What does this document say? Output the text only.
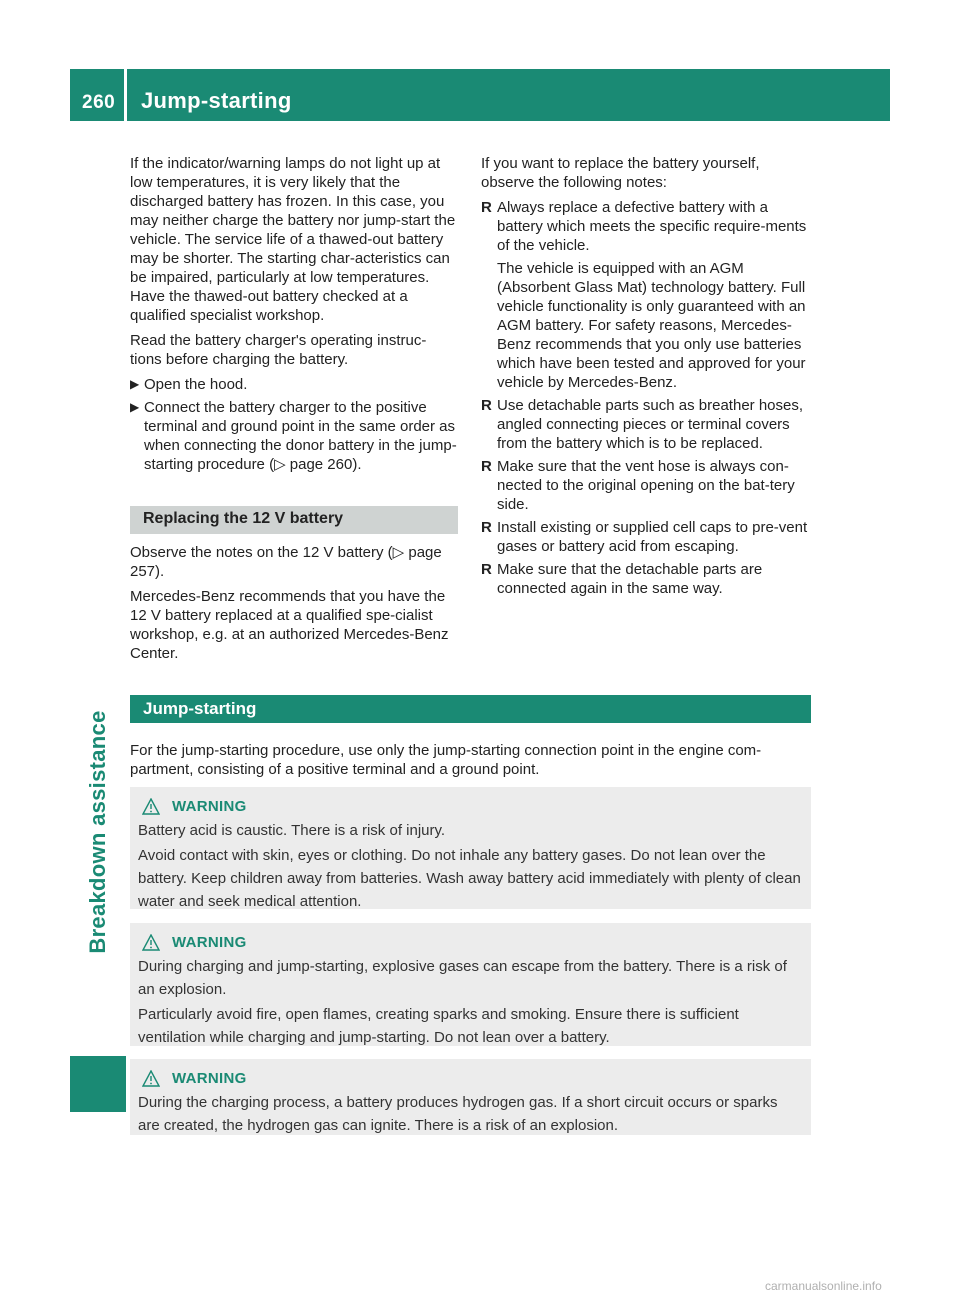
260 Jump-starting
Breakdown assistance

If the indicator/warning lamps do not light up at low temperatures, it is very likely that the discharged battery has frozen. In this case, you may neither charge the battery nor jump-start the vehicle. The service life of a thawed-out battery may be shorter. The starting char-acteristics can be impaired, particularly at low temperatures. Have the thawed-out battery checked at a qualified specialist workshop.

Read the battery charger's operating instruc-tions before charging the battery.

▶ Open the hood.
▶ Connect the battery charger to the positive terminal and ground point in the same order as when connecting the donor battery in the jump-starting procedure (▷ page 260).
Replacing the 12 V battery

Observe the notes on the 12 V battery (▷ page 257).

Mercedes-Benz recommends that you have the 12 V battery replaced at a qualified spe-cialist workshop, e.g. at an authorized Mercedes-Benz Center.

If you want to replace the battery yourself, observe the following notes:

R Always replace a defective battery with a battery which meets the specific require-ments of the vehicle.
The vehicle is equipped with an AGM (Absorbent Glass Mat) technology battery. Full vehicle functionality is only guaranteed with an AGM battery. For safety reasons, Mercedes-Benz recommends that you only use batteries which have been tested and approved for your vehicle by Mercedes-Benz.
R Use detachable parts such as breather hoses, angled connecting pieces or terminal covers from the battery which is to be replaced.
R Make sure that the vent hose is always con-nected to the original opening on the bat-tery side.
R Install existing or supplied cell caps to pre-vent gases or battery acid from escaping.
R Make sure that the detachable parts are connected again in the same way.
Jump-starting
For the jump-starting procedure, use only the jump-starting connection point in the engine com-partment, consisting of a positive terminal and a ground point.
WARNING

Battery acid is caustic. There is a risk of injury.

Avoid contact with skin, eyes or clothing. Do not inhale any battery gases. Do not lean over the battery. Keep children away from batteries. Wash away battery acid immediately with plenty of clean water and seek medical attention.

WARNING

During charging and jump-starting, explosive gases can escape from the battery. There is a risk of an explosion.

Particularly avoid fire, open flames, creating sparks and smoking. Ensure there is sufficient ventilation while charging and jump-starting. Do not lean over a battery.

WARNING

During the charging process, a battery produces hydrogen gas. If a short circuit occurs or sparks are created, the hydrogen gas can ignite. There is a risk of an explosion.

carmanualsonline.info
